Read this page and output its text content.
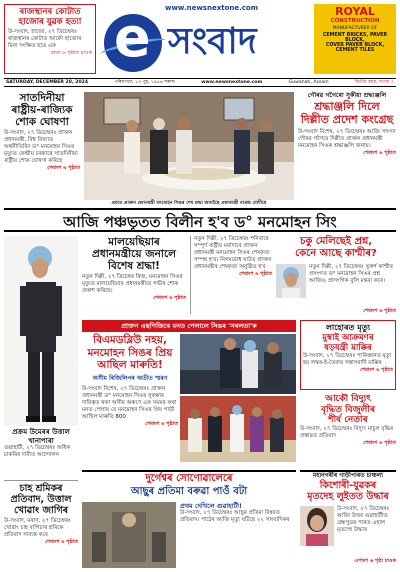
ৰাজস্থানৰ কোটাত
হাজোৰ যুৱক হত্যা
উ-সংবাদ, হাজো, ২৭ ডিচেম্বৰঃ ৰাজস্থানৰ কোটাত আকৌ হাজোৰ মিনা সংক্ষিত ছাত্ৰ এক
হায়দ ৬ পৃষ্ঠাত চাওক
www.newsnextone.com
e সংবাদ
ROYAL
CONSTRUCTION
MANUFACTURER OF
CEMENT BRICKS, PAVER BLOCK,
COVER PAVER BLOCK,
CEMENT TILES
SATURDAY, DECEMBER 28, 2024	পৰিসংখ্যা, ১৩ পুহ, ১৯৪৬ শকাব্দ	www.newsnextone.com	Guwahati, Assam	দ্বিতীয় বছৰ, সংখ্যা ৩
সাতদিনীয়া
ৰাষ্ট্ৰীয়-ৰাজ্যিক
শোক ঘোষণা
উ-সংবাদ, ২৭ ডিচেম্বৰঃ প্ৰাক্তন প্ৰধানমন্ত্ৰী, বিশ্ব বিখ্যাত অৰ্থনীতিবিদ ড° মনমোহন সিঙৰ মৃত্যুত কেন্দ্ৰীয় চৰকাৰে সাতদিনীয়া ৰাষ্ট্ৰীয় শোক ঘোষণা কৰিছে
শেষাংশ ৬ পৃষ্ঠাত
প্ৰয়াত প্ৰাক্তন প্ৰধানমন্ত্ৰী মনমোহন সিঙৰ শেষ শ্ৰদ্ধা জনাইছে প্ৰধানমন্ত্ৰী নৰেন্দ্ৰ মোদীয়ে
গৌৰৱ গগৈৰো সুকীয়া শ্ৰদ্ধাঞ্জলি
শ্ৰদ্ধাঞ্জলি দিলে
দিল্লীত প্ৰদেশ কংগ্ৰেছ
উ-সংবাদ বিশেষ, ২৭ ডিচেম্বৰঃ আজি সাংসদ গৌৰৱ গগৈয়ে দিল্লীত প্ৰাক্তন প্ৰধানমন্ত্ৰী মনমোহন সিঙক শ্ৰদ্ধাঞ্জলি জনায়।
শেষাংশ ৬ পৃষ্ঠাত
আজি পঞ্চভূতত বিলীন হ'ব ড° মনমোহন সিং
মালয়েছিয়াৰ
প্ৰধানমন্ত্ৰীয়ে জনালে
বিশেষ শ্ৰদ্ধা!
নতুন দিল্লী, ২৭ ডিচেম্বৰ স্বিজ, মনমোহন সিঙৰ মৃত্যুত মালয়েছিয়াৰ প্ৰধানমন্ত্ৰীয়ে গভীৰ শোক প্ৰকাশ কৰিছে।
শেষাংশ ৬ পৃষ্ঠাত
নতুন দিল্লী, ২৭ ডিচেম্বৰঃ শনিবাৰে সম্পূৰ্ণ ৰাষ্ট্ৰীয় মৰ্যাদাৰে প্ৰাক্তন প্ৰধানমন্ত্ৰী মনমোহন সিঙৰ শেষকৃত্য সম্পন্ন হ'ব। নিগমবোধ ঘাটত প্ৰাক্তন প্ৰধানমন্ত্ৰীৰ শেষকৃত্য অনুষ্ঠিত হ'ব
শেষাংশ ৬ পৃষ্ঠাত
চকু মেলিছেই প্ৰশ্ন,
কেনে আছে কাশ্মীৰ?
নতুন দিল্লী, ২৭ ডিচেম্বৰঃ ভূস্বৰ্গ কাশ্মীৰ প্ৰসংগত ড° মনমোহন সিঙৰ প্ৰশ্ন আজিও প্ৰাসংগিক বুলি মন্তব্য কৰে।
শেষাংশ ৬ পৃষ্ঠাত
প্ৰাক্তন এছপিজিৰে মনত পেলালে সিঙৰ 'সৰলতা'ক
বিএমডব্লিউ নহয়,
মনমোহন সিঙৰ প্ৰিয়
আছিল মাৰুতি!
অসীম ৰিজিলিপৰ অতীত স্মৰণ
উ-সংবাদ বিশেষ, ২৭ ডিচেম্বৰঃ প্ৰাক্তন প্ৰধানমন্ত্ৰী ড° মনমোহন সিঙৰ সুৰক্ষাৰ দায়িত্বত থকা অসীম অৰুণে এক সময়ৰ কথা মনত পেলায় যে মনমোহন সিঙৰ প্ৰিয় গাড়ী আছিল মাৰুতি 800
শেষাংশ ৬ পৃষ্ঠাত
প্ৰক্ৰম উমেৰৰ উত্তাল খানাপাৰা
গুৱাহাটী, ২৭ ডিচেম্বৰঃ অধিক চাকৰিৰ দাবীত আন্দোলন
চাহ শ্ৰমিকৰ
প্ৰতিবাদ, উত্তাল
খোৱাং জাগিৰ
উ-সংবাদ, মৰাণ, ২৭ ডিচেম্বৰঃ খোৱাং চাহ বাগিচাৰ শ্ৰমিকে প্ৰতিবাদ সাব্যস্ত কৰে
শেষাংশ ৬ পৃষ্ঠাত
লাহোৰত মৃত্যু
মুম্বাই আক্ৰমণৰ
ষড়যন্ত্ৰী মাক্কিৰ
উ-সংবাদ, ২৭ ডিচেম্বৰঃ পাকিস্তানত মৃত্যু হয় লস্কৰ-ই-তৈবাৰ সন্ত্ৰাসবাদী মাক্কিৰ
শেষাংশ ৬ পৃষ্ঠাত
আকৌ বিদ্যুৎ
বৃদ্ধিত বিজুলীৰ
শীৰ্ষ নেতাৰ
উ-সংবাদ, ২৭ ডিচেম্বৰঃ বিদ্যুৎ মাচুল বৃদ্ধিৰ প্ৰস্তাৱত প্ৰতিবাদ
শেষাংশ ৬ পৃষ্ঠাত
দুৰ্গেশ্বৰ সোণোৱালেৰে
আছুৰ প্ৰতিমা বৰুৱা পাওঁ বটা
প্ৰথম দেখিলে গুৱাহাটী!
উ-সংবাদ, ২৭ ডিচেম্বৰঃ আছুৰ প্ৰতিমা বিষয়ত প্ৰতিবাদ। পাঠেৰ আজি মৃত্যু ঘটিছে ২২ সাংবাদিকৰ
মহানগৰীৰ গাড়ীপাৰত চাঞ্চল্য
কিশোৰী-যুৱকৰ
মৃতদেহ লুইতত উদ্ধাৰ
উ-সংবাদ, ২৭ ডিচেম্বৰঃ আজি উত্তৰ গুৱাহাটীত ব্ৰহ্মপুত্ৰৰ পাৰত এহাল মৃতদেহ উদ্ধাৰ
এপাংশ ৬ পৃষ্ঠা চাওক
